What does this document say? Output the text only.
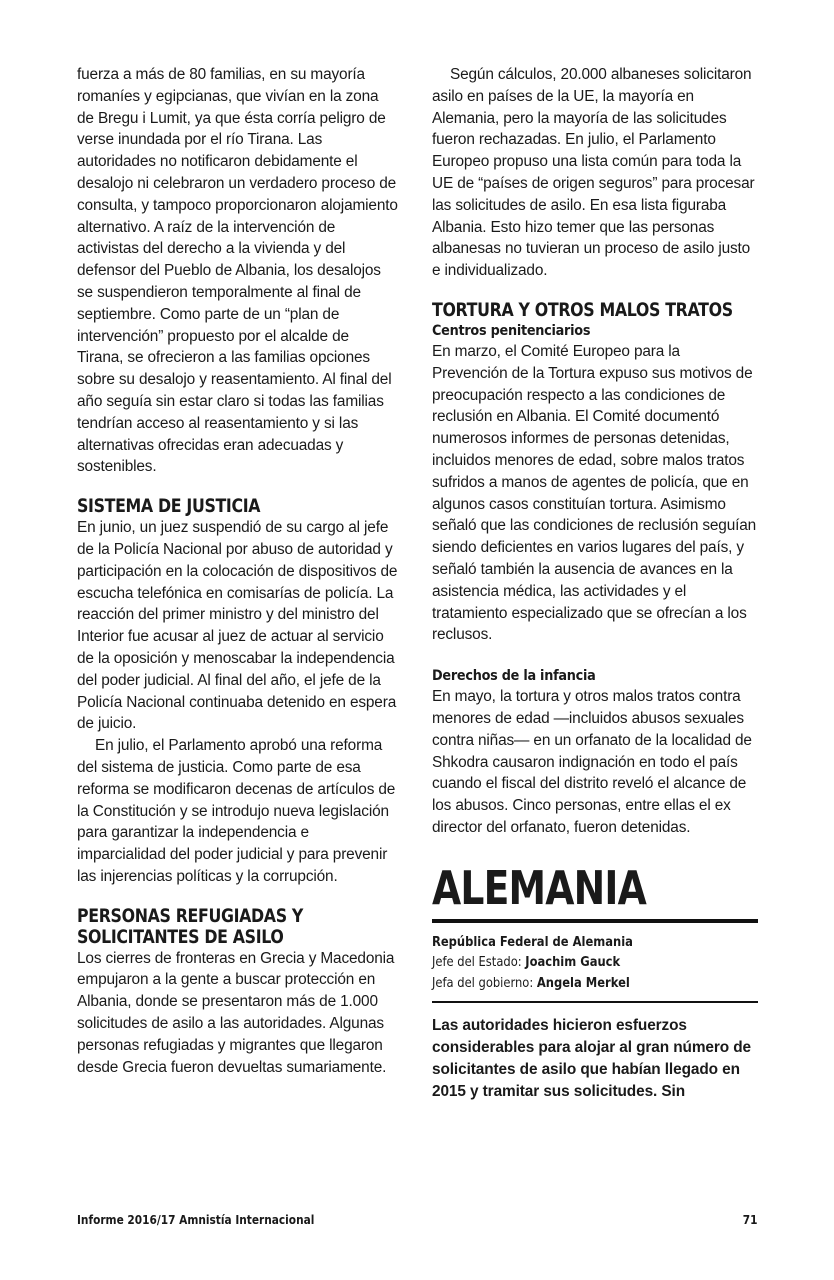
fuerza a más de 80 familias, en su mayoría romaníes y egipcianas, que vivían en la zona de Bregu i Lumit, ya que ésta corría peligro de verse inundada por el río Tirana. Las autoridades no notificaron debidamente el desalojo ni celebraron un verdadero proceso de consulta, y tampoco proporcionaron alojamiento alternativo. A raíz de la intervención de activistas del derecho a la vivienda y del defensor del Pueblo de Albania, los desalojos se suspendieron temporalmente al final de septiembre. Como parte de un “plan de intervención” propuesto por el alcalde de Tirana, se ofrecieron a las familias opciones sobre su desalojo y reasentamiento. Al final del año seguía sin estar claro si todas las familias tendrían acceso al reasentamiento y si las alternativas ofrecidas eran adecuadas y sostenibles.

SISTEMA DE JUSTICIA

En junio, un juez suspendió de su cargo al jefe de la Policía Nacional por abuso de autoridad y participación en la colocación de dispositivos de escucha telefónica en comisarías de policía. La reacción del primer ministro y del ministro del Interior fue acusar al juez de actuar al servicio de la oposición y menoscabar la independencia del poder judicial. Al final del año, el jefe de la Policía Nacional continuaba detenido en espera de juicio.

En julio, el Parlamento aprobó una reforma del sistema de justicia. Como parte de esa reforma se modificaron decenas de artículos de la Constitución y se introdujo nueva legislación para garantizar la independencia e imparcialidad del poder judicial y para prevenir las injerencias políticas y la corrupción.

PERSONAS REFUGIADAS Y
SOLICITANTES DE ASILO

Los cierres de fronteras en Grecia y Macedonia empujaron a la gente a buscar protección en Albania, donde se presentaron más de 1.000 solicitudes de asilo a las autoridades. Algunas personas refugiadas y migrantes que llegaron desde Grecia fueron devueltas sumariamente.

Según cálculos, 20.000 albaneses solicitaron asilo en países de la UE, la mayoría en Alemania, pero la mayoría de las solicitudes fueron rechazadas. En julio, el Parlamento Europeo propuso una lista común para toda la UE de “países de origen seguros” para procesar las solicitudes de asilo. En esa lista figuraba Albania. Esto hizo temer que las personas albanesas no tuvieran un proceso de asilo justo e individualizado.

TORTURA Y OTROS MALOS TRATOS
Centros penitenciarios

En marzo, el Comité Europeo para la Prevención de la Tortura expuso sus motivos de preocupación respecto a las condiciones de reclusión en Albania. El Comité documentó numerosos informes de personas detenidas, incluidos menores de edad, sobre malos tratos sufridos a manos de agentes de policía, que en algunos casos constituían tortura. Asimismo señaló que las condiciones de reclusión seguían siendo deficientes en varios lugares del país, y señaló también la ausencia de avances en la asistencia médica, las actividades y el tratamiento especializado que se ofrecían a los reclusos.

Derechos de la infancia

En mayo, la tortura y otros malos tratos contra menores de edad —incluidos abusos sexuales contra niñas— en un orfanato de la localidad de Shkodra causaron indignación en todo el país cuando el fiscal del distrito reveló el alcance de los abusos. Cinco personas, entre ellas el ex director del orfanato, fueron detenidas.

ALEMANIA
República Federal de Alemania
Jefe del Estado: Joachim Gauck
Jefa del gobierno: Angela Merkel

Las autoridades hicieron esfuerzos considerables para alojar al gran número de solicitantes de asilo que habían llegado en 2015 y tramitar sus solicitudes. Sin

Informe 2016/17 Amnistía Internacional	71
